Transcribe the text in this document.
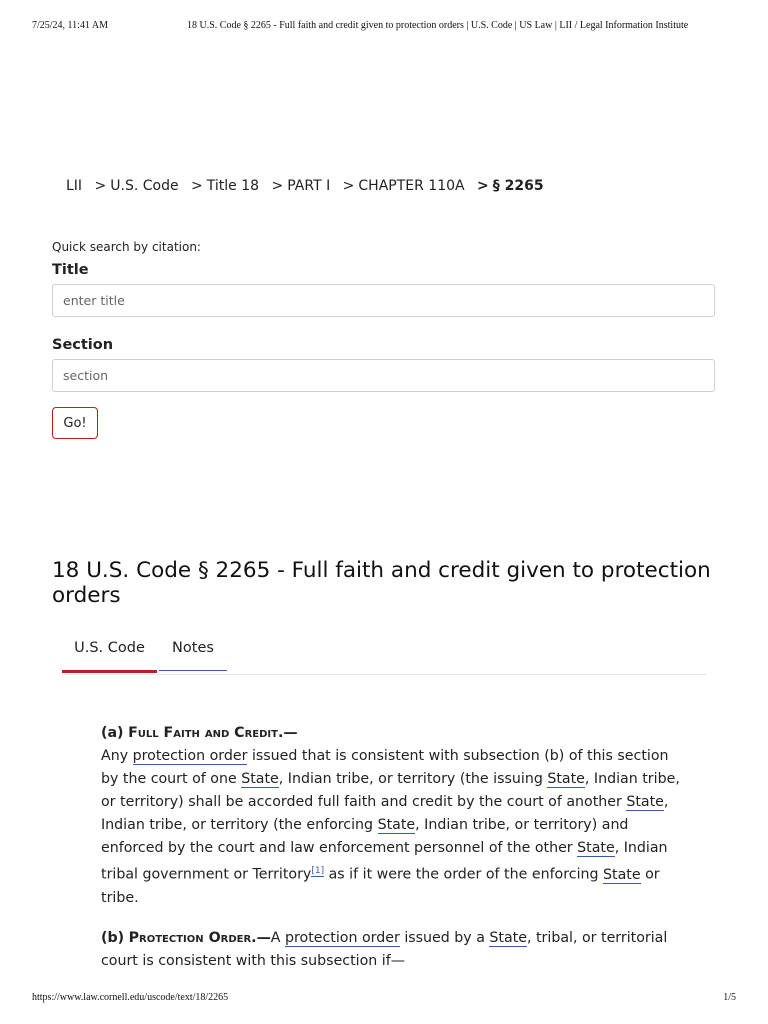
7/25/24, 11:41 AM	18 U.S. Code § 2265 - Full faith and credit given to protection orders | U.S. Code | US Law | LII / Legal Information Institute
LII > U.S. Code > Title 18 > PART I > CHAPTER 110A > § 2265
Quick search by citation:
Title
enter title
Section
section
Go!
18 U.S. Code § 2265 - Full faith and credit given to protection orders
U.S. Code	Notes

(a) Full Faith and Credit.—
Any protection order issued that is consistent with subsection (b) of this section by the court of one State, Indian tribe, or territory (the issuing State, Indian tribe, or territory) shall be accorded full faith and credit by the court of another State, Indian tribe, or territory (the enforcing State, Indian tribe, or territory) and enforced by the court and law enforcement personnel of the other State, Indian tribal government or Territory[1] as if it were the order of the enforcing State or tribe.

(b) Protection Order.—A protection order issued by a State, tribal, or territorial court is consistent with this subsection if—

https://www.law.cornell.edu/uscode/text/18/2265	1/5
